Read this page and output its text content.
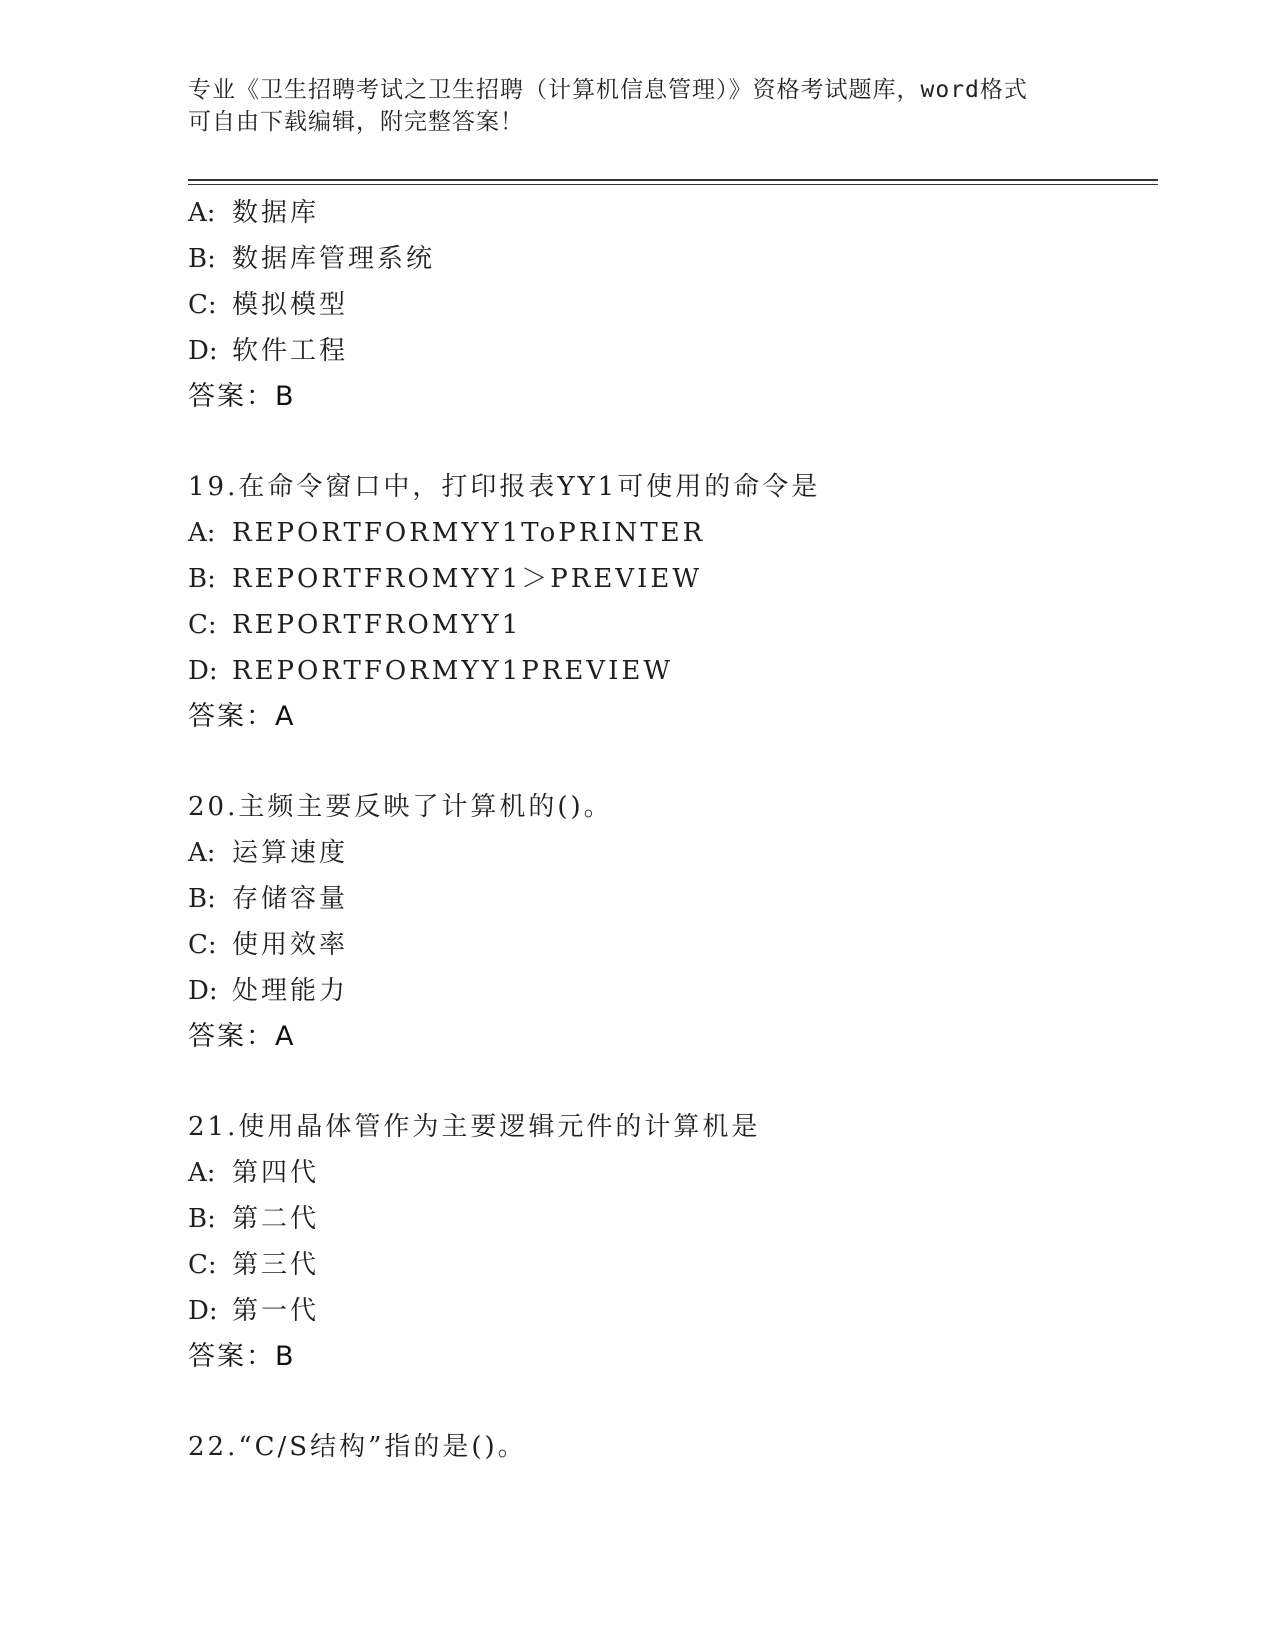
专业《卫生招聘考试之卫生招聘（计算机信息管理）》资格考试题库，word格式
可自由下载编辑，附完整答案！
A: 数据库
B: 数据库管理系统
C: 模拟模型
D: 软件工程
答案：B
19.在命令窗口中，打印报表YY1可使用的命令是
A: REPORTFORMYY1ToPRINTER
B: REPORTFROMYY1＞PREVIEW
C: REPORTFROMYY1
D: REPORTFORMYY1PREVIEW
答案：A
20.主频主要反映了计算机的()。
A: 运算速度
B: 存储容量
C: 使用效率
D: 处理能力
答案：A
21.使用晶体管作为主要逻辑元件的计算机是
A: 第四代
B: 第二代
C: 第三代
D: 第一代
答案：B
22.“C/S结构”指的是()。
